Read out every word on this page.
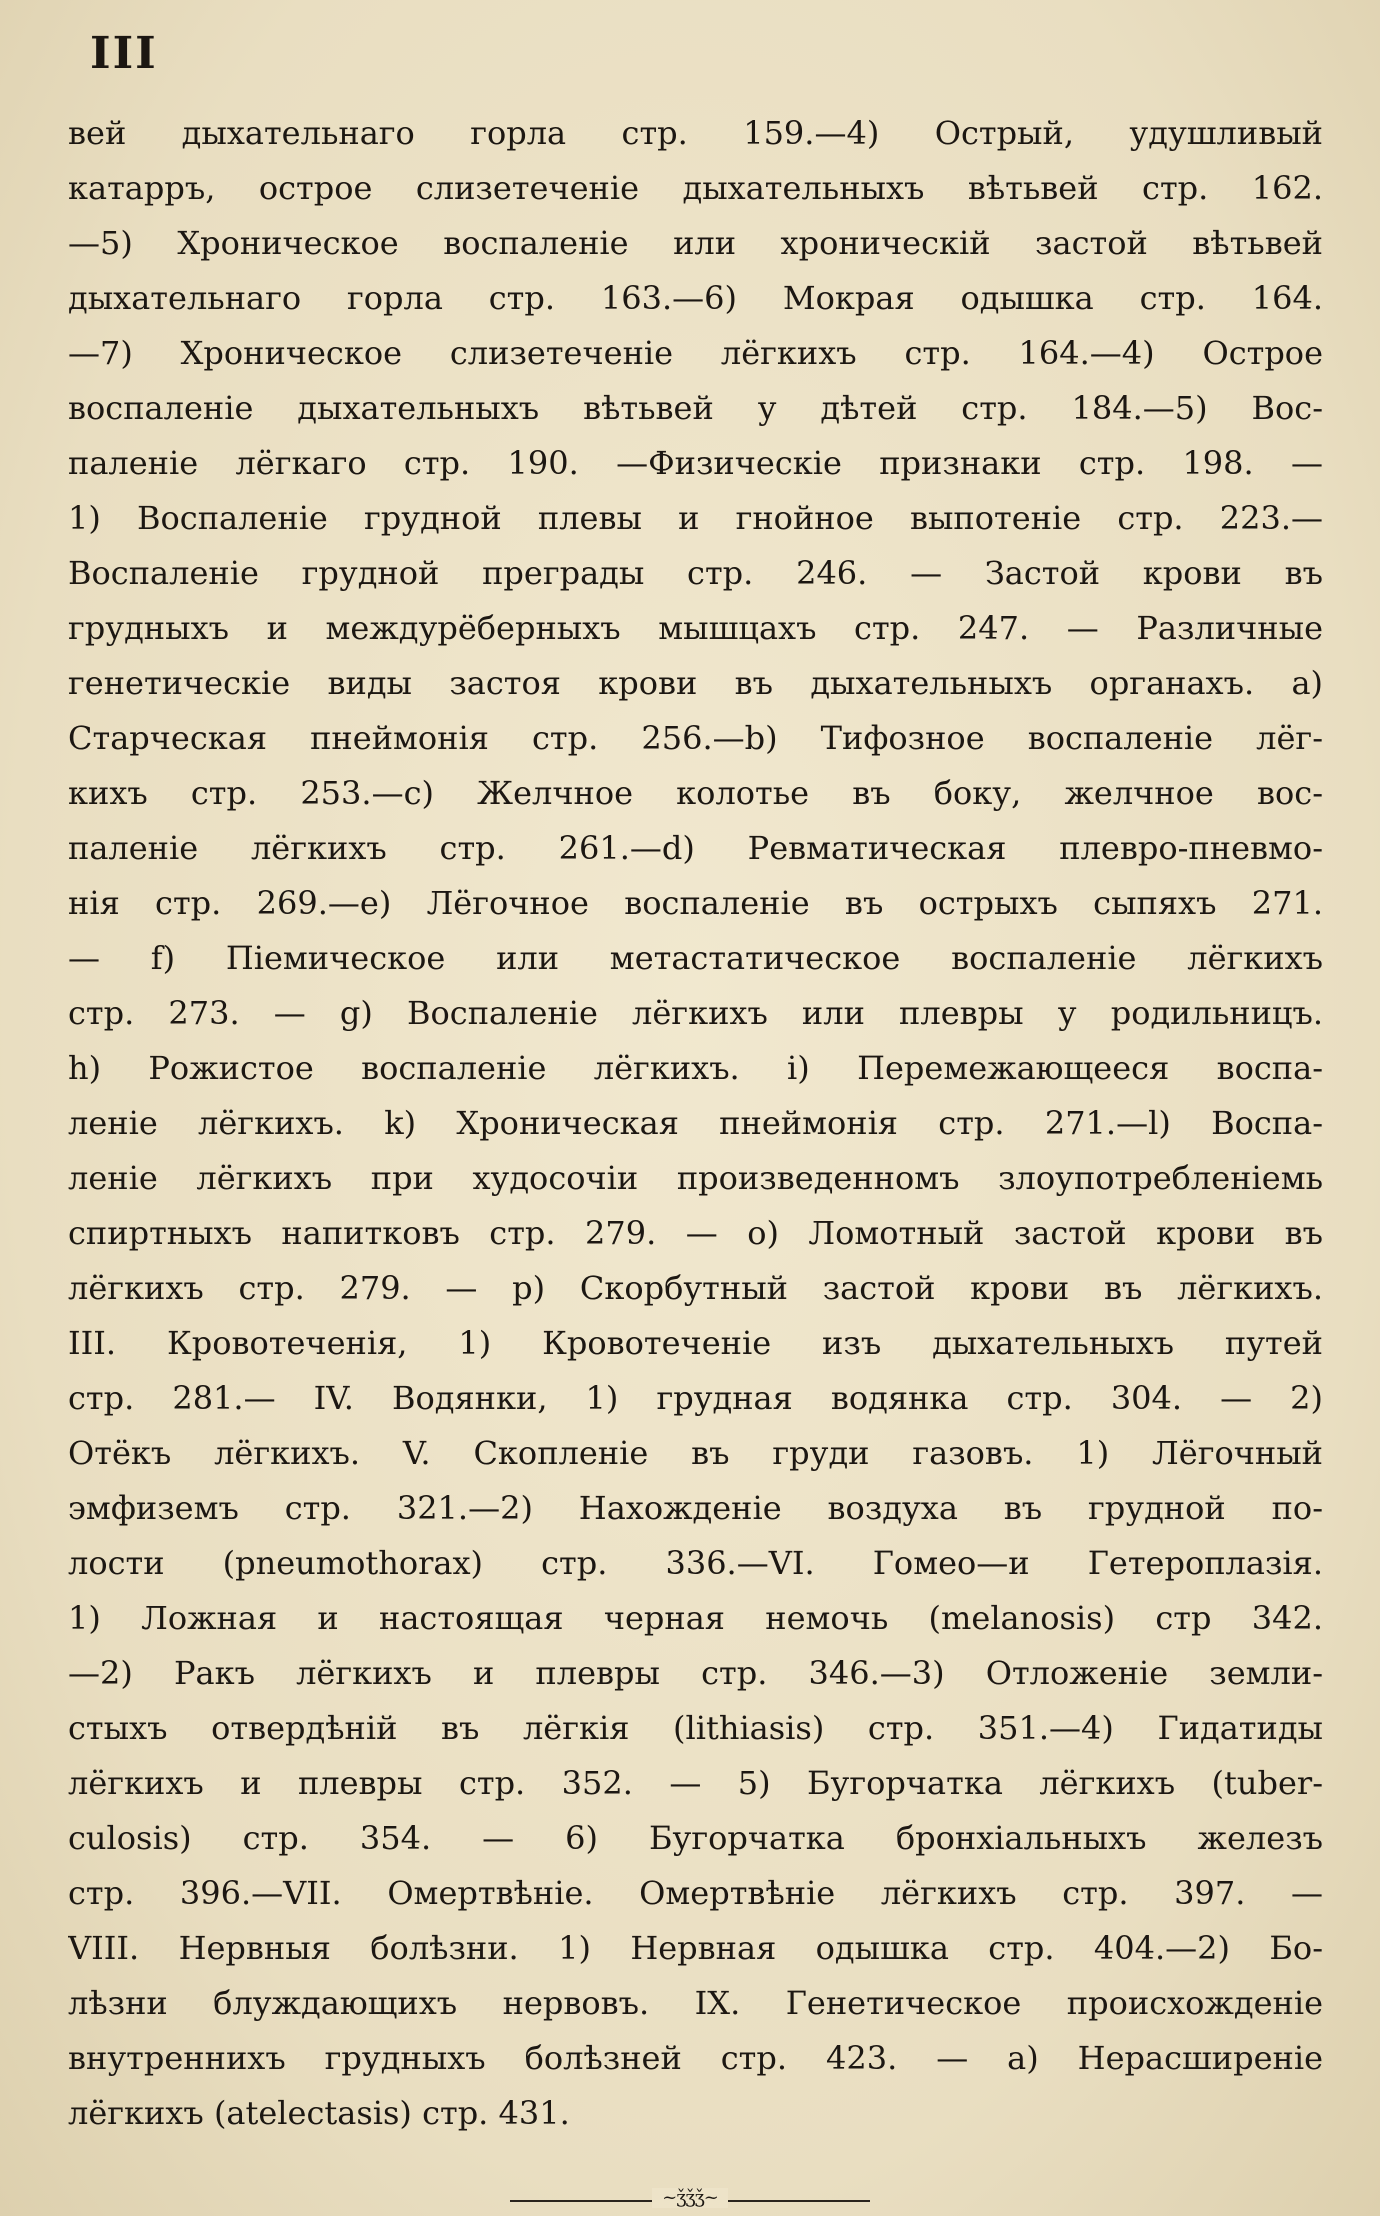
III
вей дыхательнаго горла стр. 159.—4) Острый, удушливый
катарръ, острое слизетеченіе дыхательныхъ вѣтьвей стр. 162.
—5) Хроническое воспаленіе или хроническій застой вѣтьвей
дыхательнаго горла стр. 163.—6) Мокрая одышка стр. 164.
—7) Хроническое слизетеченіе лёгкихъ стр. 164.—4) Острое
воспаленіе дыхательныхъ вѣтьвей у дѣтей стр. 184.—5) Вос-
паленіе лёгкаго стр. 190. —Физическіе признаки стр. 198. —
1) Воспаленіе грудной плевы и гнойное выпотеніе стр. 223.—
Воспаленіе грудной преграды стр. 246. — Застой крови въ
грудныхъ и междурёберныхъ мышцахъ стр. 247. — Различные
генетическіе виды застоя крови въ дыхательныхъ органахъ. а)
Старческая пнеймонія стр. 256.—b) Тифозное воспаленіе лёг-
кихъ стр. 253.—с) Желчное колотье въ боку, желчное вос-
паленіе лёгкихъ стр. 261.—d) Ревматическая плевро-пневмо-
нія стр. 269.—е) Лёгочное воспаленіе въ острыхъ сыпяхъ 271.
— f) Піемическое или метастатическое воспаленіе лёгкихъ
стр. 273. — g) Воспаленіе лёгкихъ или плевры у родильницъ.
h) Рожистое воспаленіе лёгкихъ. i) Перемежающееся воспа-
леніе лёгкихъ. k) Хроническая пнеймонія стр. 271.—l) Воспа-
леніе лёгкихъ при худосочіи произведенномъ злоупотребленіемь
спиртныхъ напитковъ стр. 279. — о) Ломотный застой крови въ
лёгкихъ стр. 279. — р) Скорбутный застой крови въ лёгкихъ.
III. Кровотеченія, 1) Кровотеченіе изъ дыхательныхъ путей
стр. 281.— IV. Водянки, 1) грудная водянка стр. 304. — 2)
Отёкъ лёгкихъ. V. Скопленіе въ груди газовъ. 1) Лёгочный
эмфиземъ стр. 321.—2) Нахожденіе воздуха въ грудной по-
лости (pneumothorax) стр. 336.—VI. Гомео—и Гетероплазія.
1) Ложная и настоящая черная немочь (melanosis) стр 342.
—2) Ракъ лёгкихъ и плевры стр. 346.—3) Отложеніе земли-
стыхъ отвердѣній въ лёгкія (lithiasis) стр. 351.—4) Гидатиды
лёгкихъ и плевры стр. 352. — 5) Бугорчатка лёгкихъ (tuber-
culosis) стр. 354. — 6) Бугорчатка бронхіальныхъ железъ
стр. 396.—VII. Омертвѣніе. Омертвѣніе лёгкихъ стр. 397. —
VIII. Нервныя болѣзни. 1) Нервная одышка стр. 404.—2) Бо-
лѣзни блуждающихъ нервовъ. IX. Генетическое происхожденіе
внутреннихъ грудныхъ болѣзней стр. 423. — а) Нерасширеніе
лёгкихъ (atelectasis) стр. 431.
~ǯǯǯ~
